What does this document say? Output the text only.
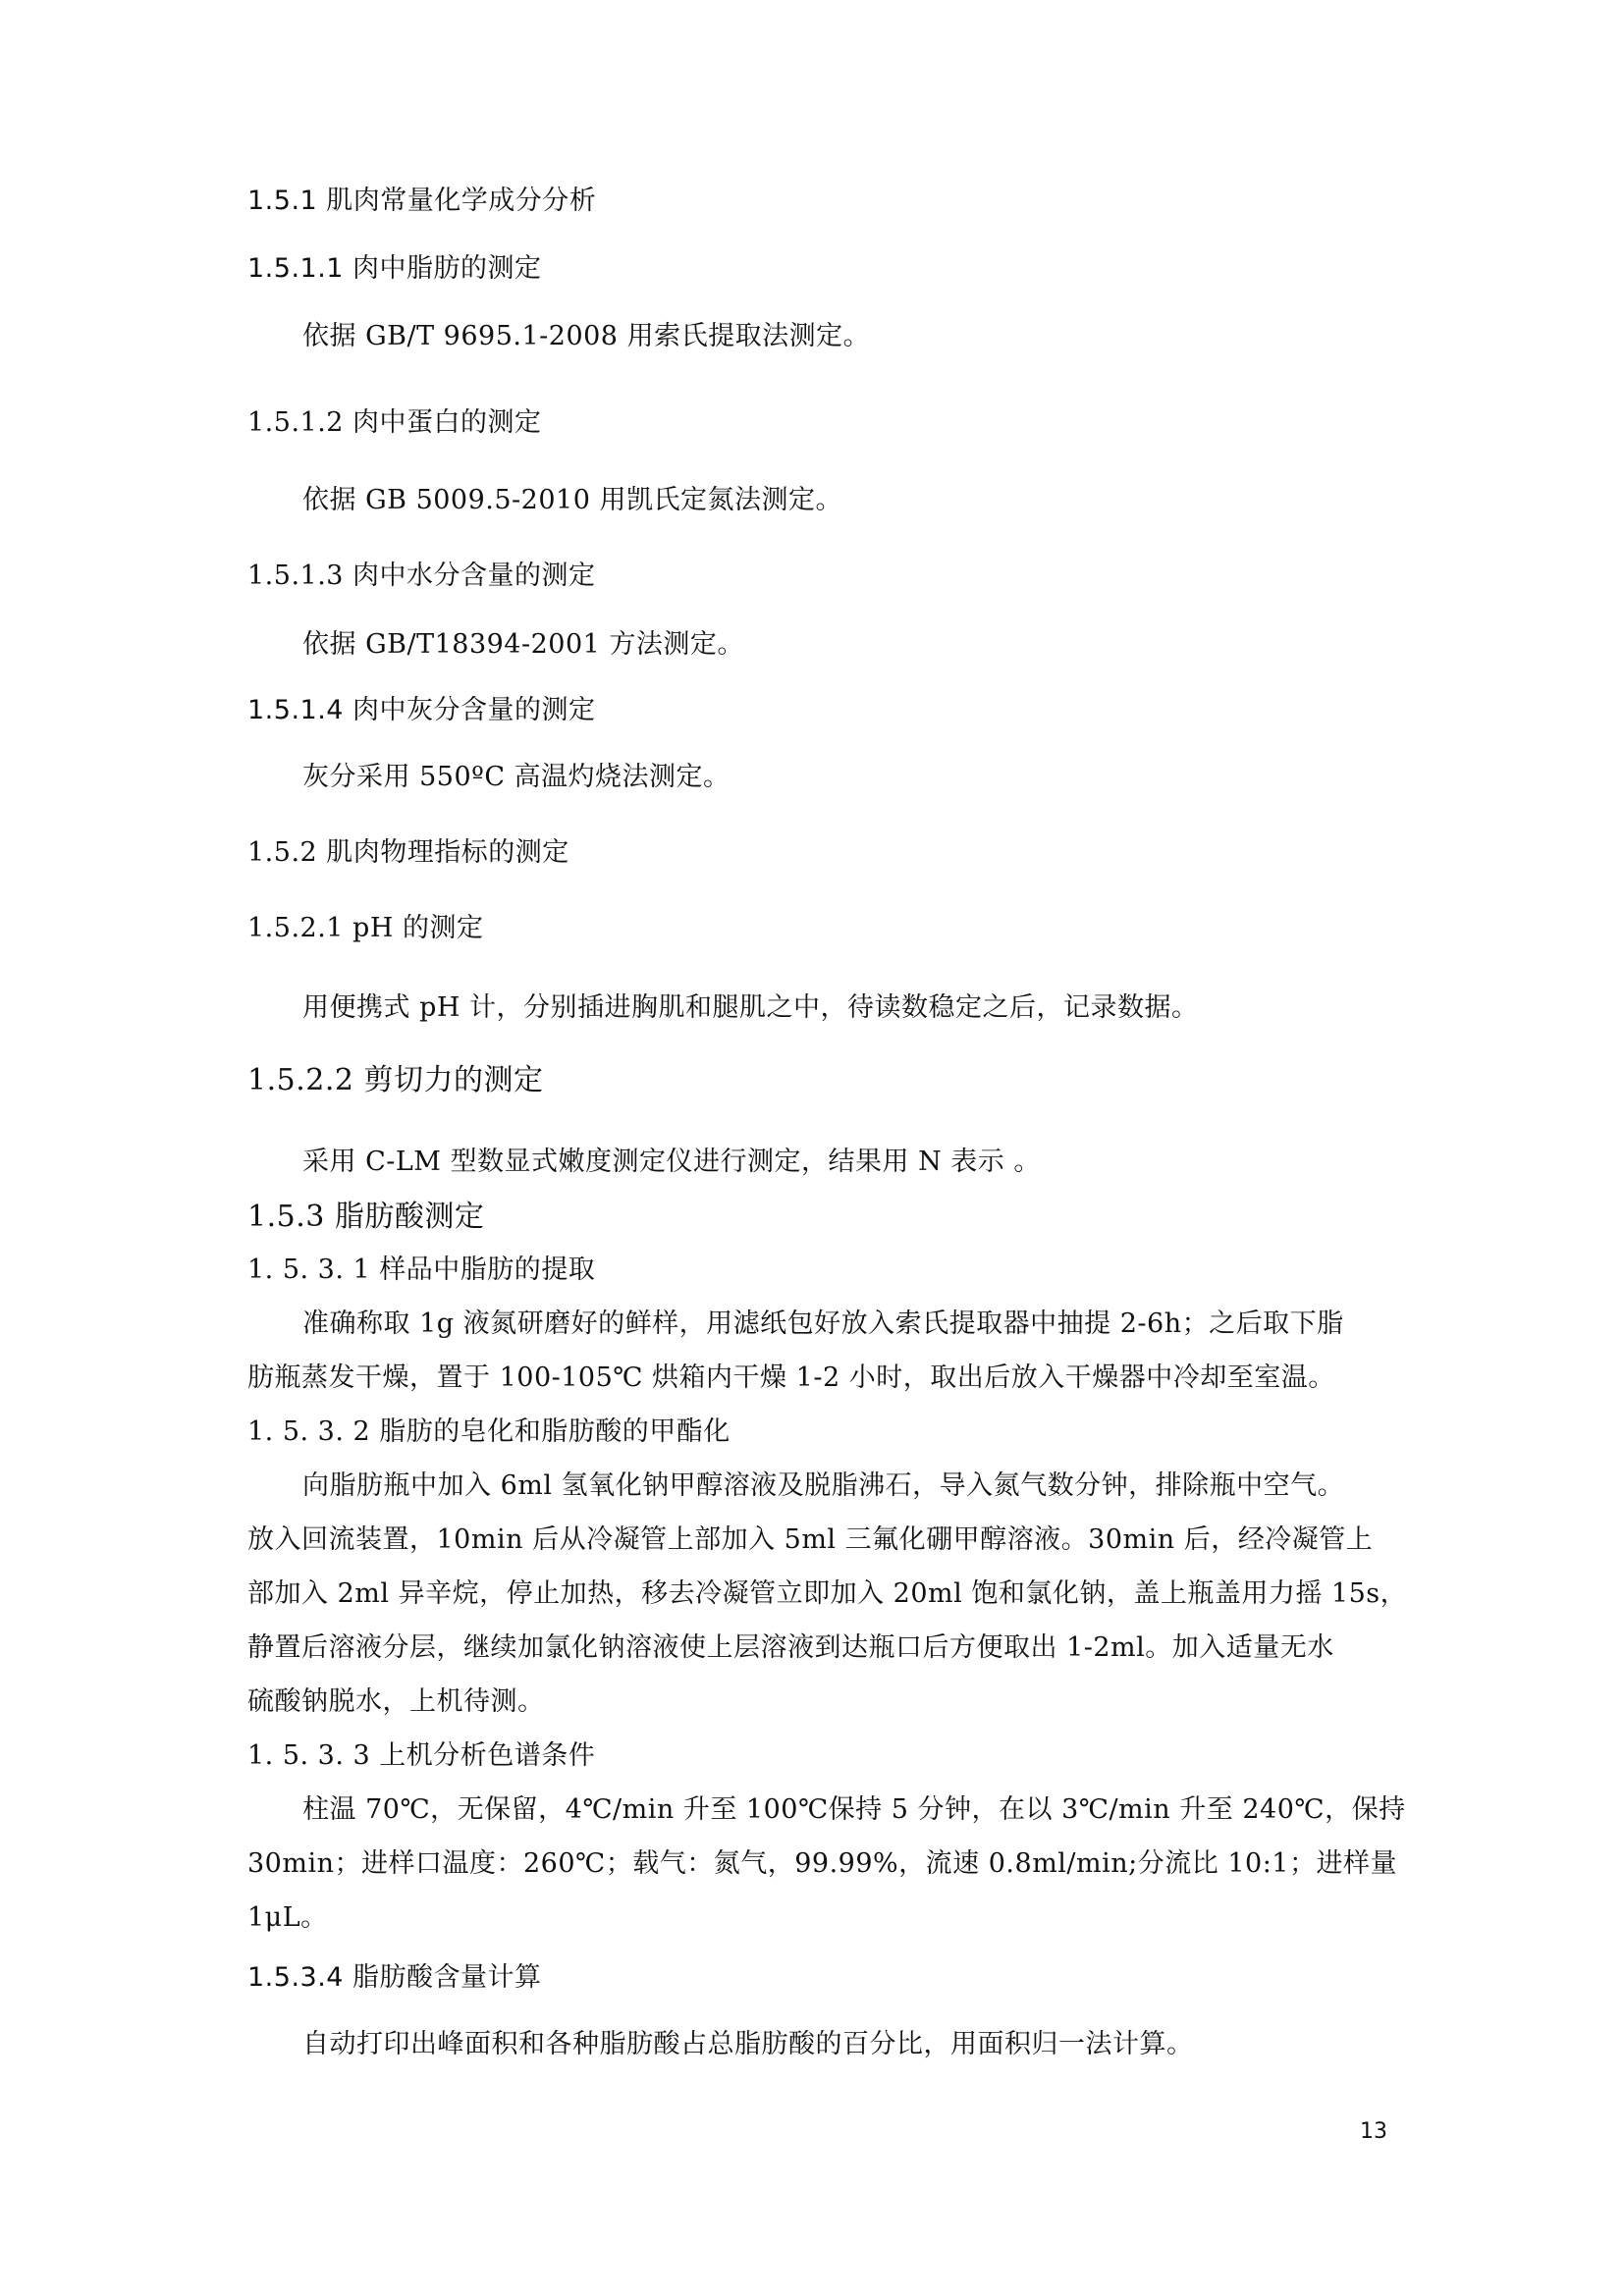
1.5.1 肌肉常量化学成分分析
1.5.1.1 肉中脂肪的测定
依据 GB/T 9695.1-2008 用索氏提取法测定。
1.5.1.2 肉中蛋白的测定
依据 GB 5009.5-2010 用凯氏定氮法测定。
1.5.1.3 肉中水分含量的测定
依据 GB/T18394-2001 方法测定。
1.5.1.4 肉中灰分含量的测定
灰分采用 550ºC 高温灼烧法测定。
1.5.2 肌肉物理指标的测定
1.5.2.1 pH 的测定
用便携式 pH 计，分别插进胸肌和腿肌之中，待读数稳定之后，记录数据。
1.5.2.2 剪切力的测定
采用 C-LM 型数显式嫩度测定仪进行测定，结果用 N 表示 。
1.5.3 脂肪酸测定
1. 5. 3. 1 样品中脂肪的提取
准确称取 1g 液氮研磨好的鲜样，用滤纸包好放入索氏提取器中抽提 2-6h；之后取下脂
肪瓶蒸发干燥，置于 100-105℃ 烘箱内干燥 1-2 小时，取出后放入干燥器中冷却至室温。
1. 5. 3. 2 脂肪的皂化和脂肪酸的甲酯化
向脂肪瓶中加入 6ml 氢氧化钠甲醇溶液及脱脂沸石，导入氮气数分钟，排除瓶中空气。
放入回流装置，10min 后从冷凝管上部加入 5ml 三氟化硼甲醇溶液。30min 后，经冷凝管上
部加入 2ml 异辛烷，停止加热，移去冷凝管立即加入 20ml 饱和氯化钠，盖上瓶盖用力摇 15s，
静置后溶液分层，继续加氯化钠溶液使上层溶液到达瓶口后方便取出 1-2ml。加入适量无水
硫酸钠脱水，上机待测。
1. 5. 3. 3 上机分析色谱条件
柱温 70℃，无保留，4℃/min 升至 100℃保持 5 分钟，在以 3℃/min 升至 240℃，保持
30min；进样口温度：260℃；载气：氮气，99.99%，流速 0.8ml/min;分流比 10:1；进样量
1μL。
1.5.3.4 脂肪酸含量计算
自动打印出峰面积和各种脂肪酸占总脂肪酸的百分比，用面积归一法计算。
13
